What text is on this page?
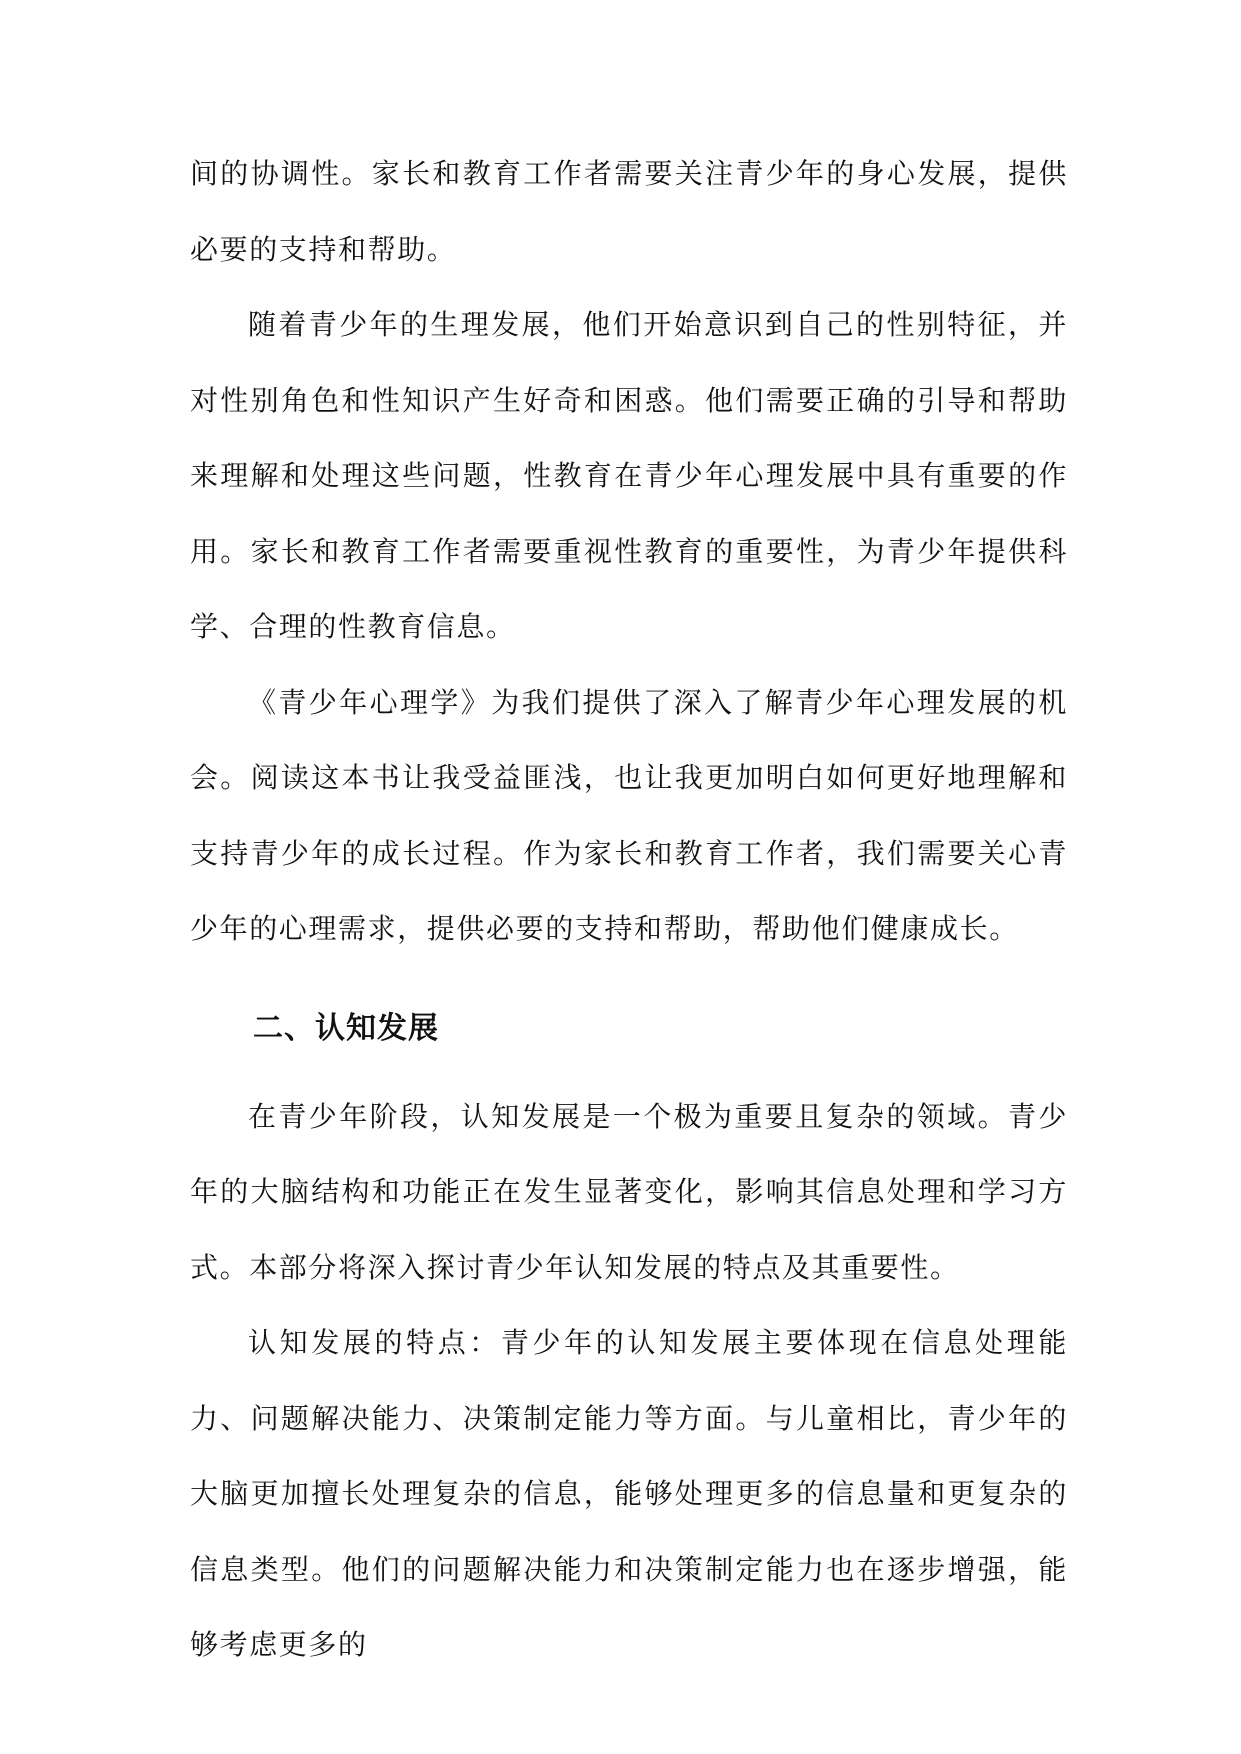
间的协调性。家长和教育工作者需要关注青少年的身心发展，提供必要的支持和帮助。

随着青少年的生理发展，他们开始意识到自己的性别特征，并对性别角色和性知识产生好奇和困惑。他们需要正确的引导和帮助来理解和处理这些问题，性教育在青少年心理发展中具有重要的作用。家长和教育工作者需要重视性教育的重要性，为青少年提供科学、合理的性教育信息。

《青少年心理学》为我们提供了深入了解青少年心理发展的机会。阅读这本书让我受益匪浅，也让我更加明白如何更好地理解和支持青少年的成长过程。作为家长和教育工作者，我们需要关心青少年的心理需求，提供必要的支持和帮助，帮助他们健康成长。

二、认知发展

在青少年阶段，认知发展是一个极为重要且复杂的领域。青少年的大脑结构和功能正在发生显著变化，影响其信息处理和学习方式。本部分将深入探讨青少年认知发展的特点及其重要性。

认知发展的特点：青少年的认知发展主要体现在信息处理能力、问题解决能力、决策制定能力等方面。与儿童相比，青少年的大脑更加擅长处理复杂的信息，能够处理更多的信息量和更复杂的信息类型。他们的问题解决能力和决策制定能力也在逐步增强，能够考虑更多的
